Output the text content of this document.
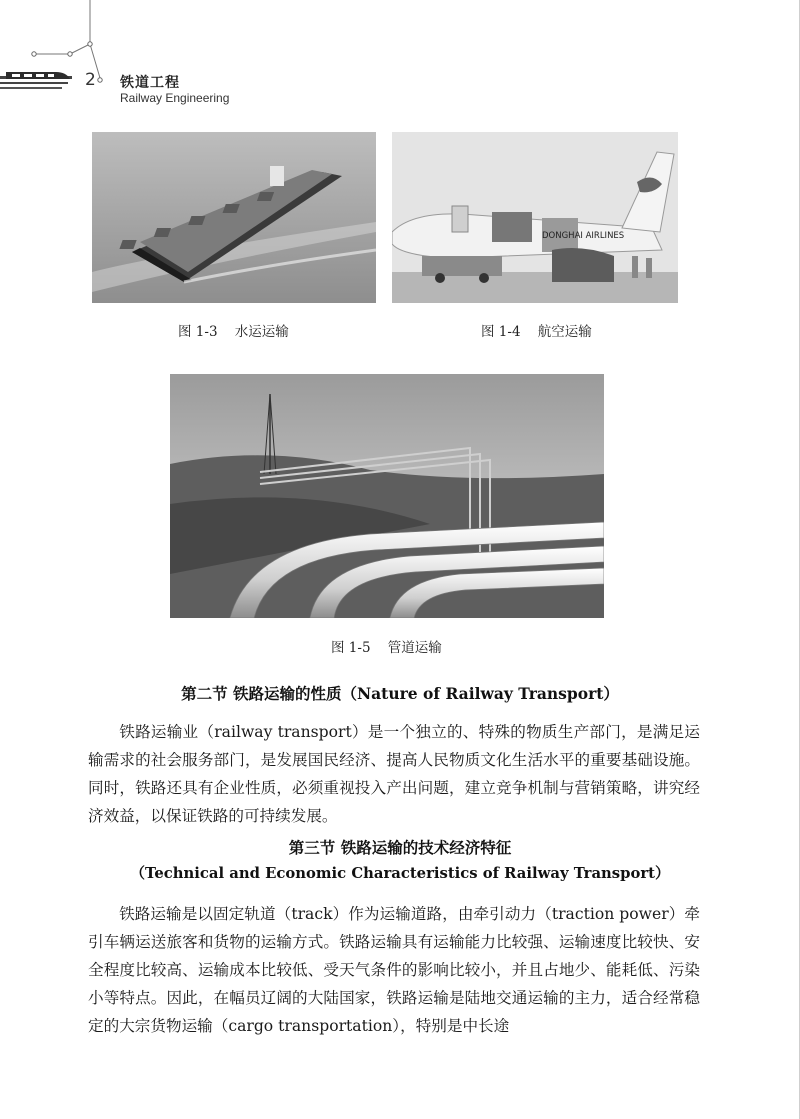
2 铁道工程
Railway Engineering
图 1-3    水运运输
DONGHAI AIRLINES
图 1-4    航空运输
图 1-5    管道运输
第二节 铁路运输的性质（Nature of Railway Transport）

铁路运输业（railway transport）是一个独立的、特殊的物质生产部门，是满足运输需求的社会服务部门，是发展国民经济、提高人民物质文化生活水平的重要基础设施。同时，铁路还具有企业性质，必须重视投入产出问题，建立竞争机制与营销策略，讲究经济效益，以保证铁路的可持续发展。

第三节 铁路运输的技术经济特征
（Technical and Economic Characteristics of Railway Transport）

铁路运输是以固定轨道（track）作为运输道路，由牵引动力（traction power）牵引车辆运送旅客和货物的运输方式。铁路运输具有运输能力比较强、运输速度比较快、安全程度比较高、运输成本比较低、受天气条件的影响比较小，并且占地少、能耗低、污染小等特点。因此，在幅员辽阔的大陆国家，铁路运输是陆地交通运输的主力，适合经常稳定的大宗货物运输（cargo transportation），特别是中长途
